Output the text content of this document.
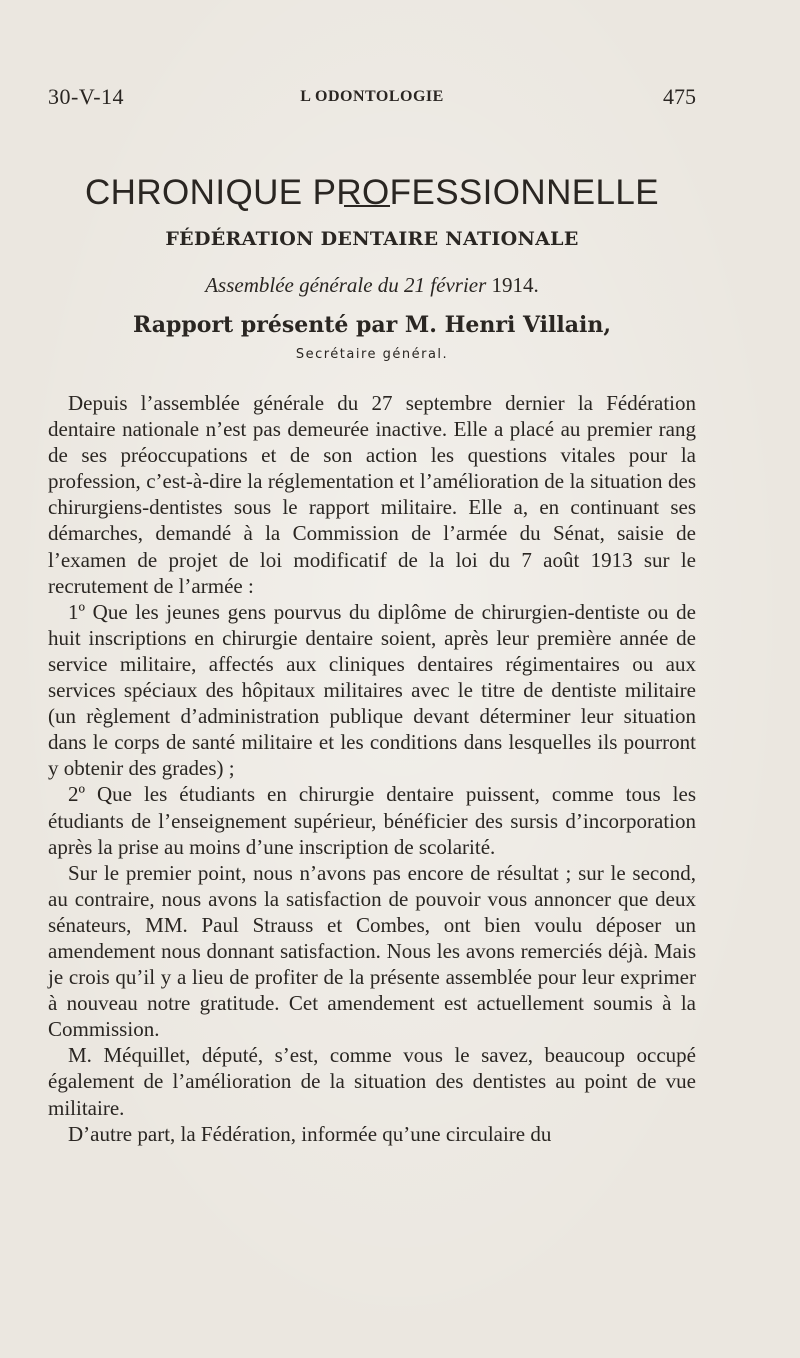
30-V-14	L ODONTOLOGIE	475
CHRONIQUE PROFESSIONNELLE
FÉDÉRATION DENTAIRE NATIONALE
Assemblée générale du 21 février 1914.
Rapport présenté par M. Henri Villain,
Secrétaire général.

Depuis l’assemblée générale du 27 septembre dernier la Fédération dentaire nationale n’est pas demeurée inactive. Elle a placé au premier rang de ses préoccupations et de son action les questions vitales pour la profession, c’est-à-dire la réglementation et l’amélioration de la situation des chirurgiens-dentistes sous le rapport militaire. Elle a, en continuant ses démarches, demandé à la Commission de l’armée du Sénat, saisie de l’examen de projet de loi modificatif de la loi du 7 août 1913 sur le recrutement de l’armée :

1º Que les jeunes gens pourvus du diplôme de chirurgien-dentiste ou de huit inscriptions en chirurgie dentaire soient, après leur première année de service militaire, affectés aux cliniques dentaires régimentaires ou aux services spéciaux des hôpitaux militaires avec le titre de dentiste militaire (un règlement d’administration publique devant déterminer leur situation dans le corps de santé militaire et les conditions dans lesquelles ils pourront y obtenir des grades) ;

2º Que les étudiants en chirurgie dentaire puissent, comme tous les étudiants de l’enseignement supérieur, bénéficier des sursis d’incorporation après la prise au moins d’une inscription de scolarité.

Sur le premier point, nous n’avons pas encore de résultat ; sur le second, au contraire, nous avons la satisfaction de pouvoir vous annoncer que deux sénateurs, MM. Paul Strauss et Combes, ont bien voulu déposer un amendement nous donnant satisfaction. Nous les avons remerciés déjà. Mais je crois qu’il y a lieu de profiter de la présente assemblée pour leur exprimer à nouveau notre gratitude. Cet amendement est actuellement soumis à la Commission.

M. Méquillet, député, s’est, comme vous le savez, beaucoup occupé également de l’amélioration de la situation des dentistes au point de vue militaire.

D’autre part, la Fédération, informée qu’une circulaire du
